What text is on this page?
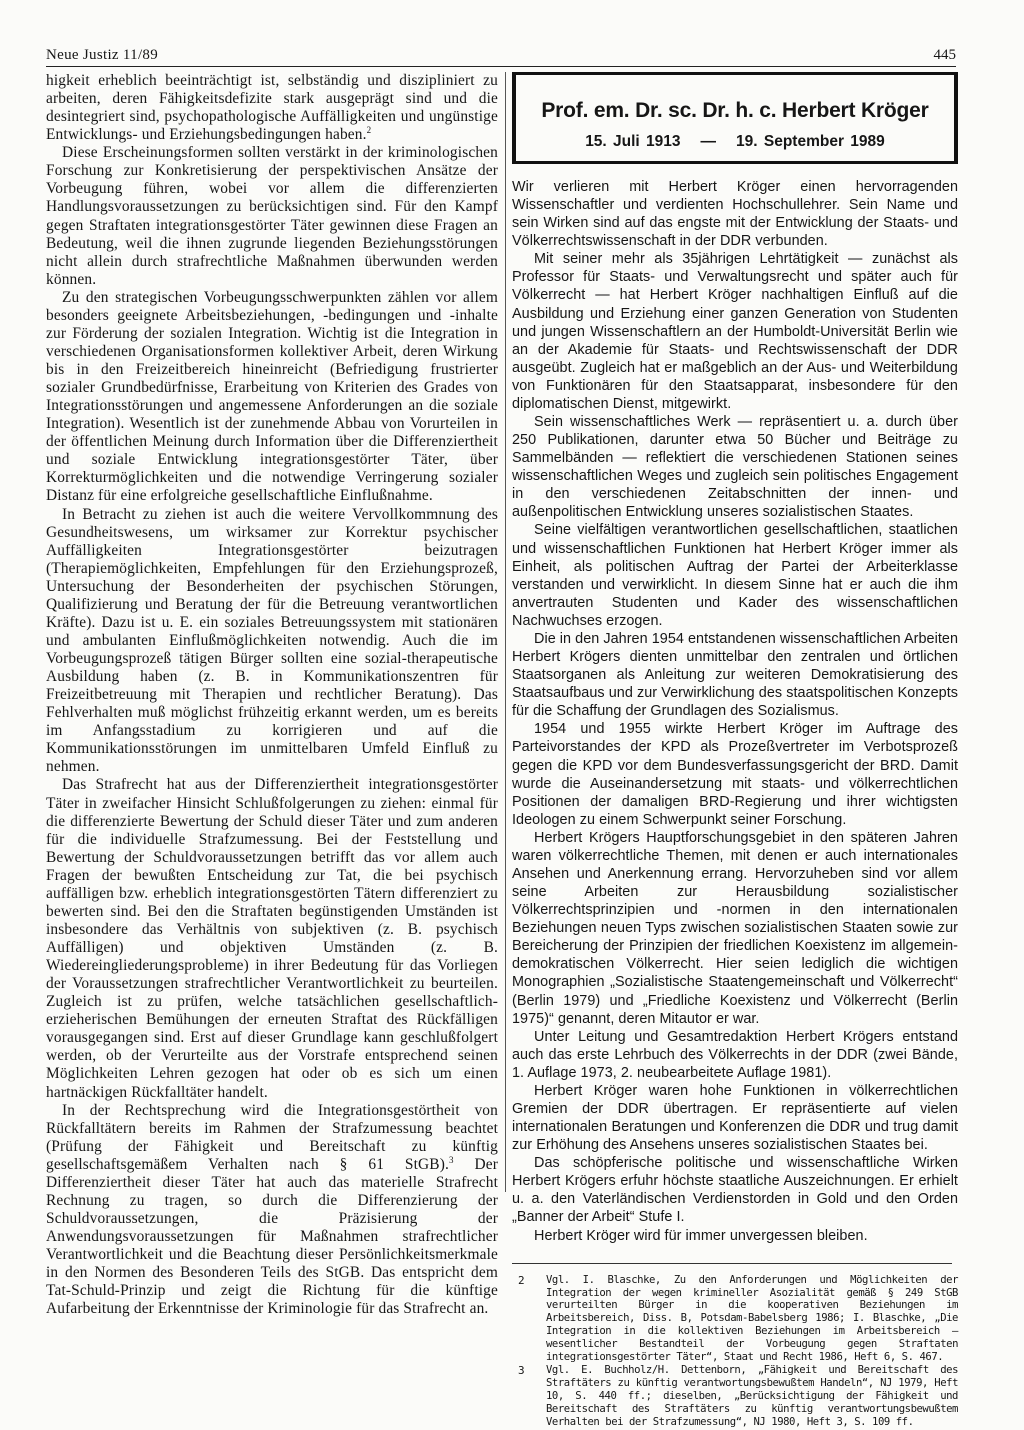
Neue Justiz 11/89	445

higkeit erheblich beeinträchtigt ist, selbständig und diszipliniert zu arbeiten, deren Fähigkeitsdefizite stark ausgeprägt sind und die desintegriert sind, psychopathologische Auffälligkeiten und ungünstige Entwicklungs- und Erziehungsbedingungen haben.$^2$

Diese Erscheinungsformen sollten verstärkt in der kriminologischen Forschung zur Konkretisierung der perspektivischen Ansätze der Vorbeugung führen, wobei vor allem die differenzierten Handlungsvoraussetzungen zu berücksichtigen sind. Für den Kampf gegen Straftaten integrationsgestörter Täter gewinnen diese Fragen an Bedeutung, weil die ihnen zugrunde liegenden Beziehungsstörungen nicht allein durch strafrechtliche Maßnahmen überwunden werden können.

Zu den strategischen Vorbeugungsschwerpunkten zählen vor allem besonders geeignete Arbeitsbeziehungen, -bedingungen und -inhalte zur Förderung der sozialen Integration. Wichtig ist die Integration in verschiedenen Organisationsformen kollektiver Arbeit, deren Wirkung bis in den Freizeitbereich hineinreicht (Befriedigung frustrierter sozialer Grundbedürfnisse, Erarbeitung von Kriterien des Grades von Integrationsstörungen und angemessene Anforderungen an die soziale Integration). Wesentlich ist der zunehmende Abbau von Vorurteilen in der öffentlichen Meinung durch Information über die Differenziertheit und soziale Entwicklung integrationsgestörter Täter, über Korrekturmöglichkeiten und die notwendige Verringerung sozialer Distanz für eine erfolgreiche gesellschaftliche Einflußnahme.

In Betracht zu ziehen ist auch die weitere Vervollkommnung des Gesundheitswesens, um wirksamer zur Korrektur psychischer Auffälligkeiten Integrationsgestörter beizutragen (Therapiemöglichkeiten, Empfehlungen für den Erziehungsprozeß, Untersuchung der Besonderheiten der psychischen Störungen, Qualifizierung und Beratung der für die Betreuung verantwortlichen Kräfte). Dazu ist u. E. ein soziales Betreuungssystem mit stationären und ambulanten Einflußmöglichkeiten notwendig. Auch die im Vorbeugungsprozeß tätigen Bürger sollten eine sozial-therapeutische Ausbildung haben (z. B. in Kommunikationszentren für Freizeitbetreuung mit Therapien und rechtlicher Beratung). Das Fehlverhalten muß möglichst frühzeitig erkannt werden, um es bereits im Anfangsstadium zu korrigieren und auf die Kommunikationsstörungen im unmittelbaren Umfeld Einfluß zu nehmen.

Das Strafrecht hat aus der Differenziertheit integrationsgestörter Täter in zweifacher Hinsicht Schlußfolgerungen zu ziehen: einmal für die differenzierte Bewertung der Schuld dieser Täter und zum anderen für die individuelle Strafzumessung. Bei der Feststellung und Bewertung der Schuldvoraussetzungen betrifft das vor allem auch Fragen der bewußten Entscheidung zur Tat, die bei psychisch auffälligen bzw. erheblich integrationsgestörten Tätern differenziert zu bewerten sind. Bei den die Straftaten begünstigenden Umständen ist insbesondere das Verhältnis von subjektiven (z. B. psychisch Auffälligen) und objektiven Umständen (z. B. Wiedereingliederungsprobleme) in ihrer Bedeutung für das Vorliegen der Voraussetzungen strafrechtlicher Verantwortlichkeit zu beurteilen. Zugleich ist zu prüfen, welche tatsächlichen gesellschaftlich-erzieherischen Bemühungen der erneuten Straftat des Rückfälligen vorausgegangen sind. Erst auf dieser Grundlage kann geschlußfolgert werden, ob der Verurteilte aus der Vorstrafe entsprechend seinen Möglichkeiten Lehren gezogen hat oder ob es sich um einen hartnäckigen Rückfalltäter handelt.

In der Rechtsprechung wird die Integrationsgestörtheit von Rückfalltätern bereits im Rahmen der Strafzumessung beachtet (Prüfung der Fähigkeit und Bereitschaft zu künftig gesellschaftsgemäßem Verhalten nach § 61 StGB).$^3$ Der Differenziertheit dieser Täter hat auch das materielle Strafrecht Rechnung zu tragen, so durch die Differenzierung der Schuldvoraussetzungen, die Präzisierung der Anwendungsvoraussetzungen für Maßnahmen strafrechtlicher Verantwortlichkeit und die Beachtung dieser Persönlichkeitsmerkmale in den Normen des Besonderen Teils des StGB. Das entspricht dem Tat-Schuld-Prinzip und zeigt die Richtung für die künftige Aufarbeitung der Erkenntnisse der Kriminologie für das Strafrecht an.

Prof. em. Dr. sc. Dr. h. c. Herbert Kröger
15. Juli 1913 — 19. September 1989

Wir verlieren mit Herbert Kröger einen hervorragenden Wissenschaftler und verdienten Hochschullehrer. Sein Name und sein Wirken sind auf das engste mit der Entwicklung der Staats- und Völkerrechtswissenschaft in der DDR verbunden.

Mit seiner mehr als 35jährigen Lehrtätigkeit — zunächst als Professor für Staats- und Verwaltungsrecht und später auch für Völkerrecht — hat Herbert Kröger nachhaltigen Einfluß auf die Ausbildung und Erziehung einer ganzen Generation von Studenten und jungen Wissenschaftlern an der Humboldt-Universität Berlin wie an der Akademie für Staats- und Rechtswissenschaft der DDR ausgeübt. Zugleich hat er maßgeblich an der Aus- und Weiterbildung von Funktionären für den Staatsapparat, insbesondere für den diplomatischen Dienst, mitgewirkt.

Sein wissenschaftliches Werk — repräsentiert u. a. durch über 250 Publikationen, darunter etwa 50 Bücher und Beiträge zu Sammelbänden — reflektiert die verschiedenen Stationen seines wissenschaftlichen Weges und zugleich sein politisches Engagement in den verschiedenen Zeitabschnitten der innen- und außenpolitischen Entwicklung unseres sozialistischen Staates.

Seine vielfältigen verantwortlichen gesellschaftlichen, staatlichen und wissenschaftlichen Funktionen hat Herbert Kröger immer als Einheit, als politischen Auftrag der Partei der Arbeiterklasse verstanden und verwirklicht. In diesem Sinne hat er auch die ihm anvertrauten Studenten und Kader des wissenschaftlichen Nachwuchses erzogen.

Die in den Jahren 1954 entstandenen wissenschaftlichen Arbeiten Herbert Krögers dienten unmittelbar den zentralen und örtlichen Staatsorganen als Anleitung zur weiteren Demokratisierung des Staatsaufbaus und zur Verwirklichung des staatspolitischen Konzepts für die Schaffung der Grundlagen des Sozialismus.

1954 und 1955 wirkte Herbert Kröger im Auftrage des Parteivorstandes der KPD als Prozeßvertreter im Verbotsprozeß gegen die KPD vor dem Bundesverfassungsgericht der BRD. Damit wurde die Auseinandersetzung mit staats- und völkerrechtlichen Positionen der damaligen BRD-Regierung und ihrer wichtigsten Ideologen zu einem Schwerpunkt seiner Forschung.

Herbert Krögers Hauptforschungsgebiet in den späteren Jahren waren völkerrechtliche Themen, mit denen er auch internationales Ansehen und Anerkennung errang. Hervorzuheben sind vor allem seine Arbeiten zur Herausbildung sozialistischer Völkerrechtsprinzipien und -normen in den internationalen Beziehungen neuen Typs zwischen sozialistischen Staaten sowie zur Bereicherung der Prinzipien der friedlichen Koexistenz im allgemein-demokratischen Völkerrecht. Hier seien lediglich die wichtigen Monographien „Sozialistische Staatengemeinschaft und Völkerrecht“ (Berlin 1979) und „Friedliche Koexistenz und Völkerrecht (Berlin 1975)“ genannt, deren Mitautor er war.

Unter Leitung und Gesamtredaktion Herbert Krögers entstand auch das erste Lehrbuch des Völkerrechts in der DDR (zwei Bände, 1. Auflage 1973, 2. neubearbeitete Auflage 1981).

Herbert Kröger waren hohe Funktionen in völkerrechtlichen Gremien der DDR übertragen. Er repräsentierte auf vielen internationalen Beratungen und Konferenzen die DDR und trug damit zur Erhöhung des Ansehens unseres sozialistischen Staates bei.

Das schöpferische politische und wissenschaftliche Wirken Herbert Krögers erfuhr höchste staatliche Auszeichnungen. Er erhielt u. a. den Vaterländischen Verdienstorden in Gold und den Orden „Banner der Arbeit“ Stufe I.

Herbert Kröger wird für immer unvergessen bleiben.

2	Vgl. I. Blaschke, Zu den Anforderungen und Möglichkeiten der Integration der wegen krimineller Asozialität gemäß § 249 StGB verurteilten Bürger in die kooperativen Beziehungen im Arbeitsbereich, Diss. B, Potsdam-Babelsberg 1986; I. Blaschke, „Die Integration in die kollektiven Beziehungen im Arbeitsbereich — wesentlicher Bestandteil der Vorbeugung gegen Straftaten integrationsgestörter Täter“, Staat und Recht 1986, Heft 6, S. 467.
3	Vgl. E. Buchholz/H. Dettenborn, „Fähigkeit und Bereitschaft des Straftäters zu künftig verantwortungsbewußtem Handeln“, NJ 1979, Heft 10, S. 440 ff.; dieselben, „Berücksichtigung der Fähigkeit und Bereitschaft des Straftäters zu künftig verantwortungsbewußtem Verhalten bei der Strafzumessung“, NJ 1980, Heft 3, S. 109 ff.
